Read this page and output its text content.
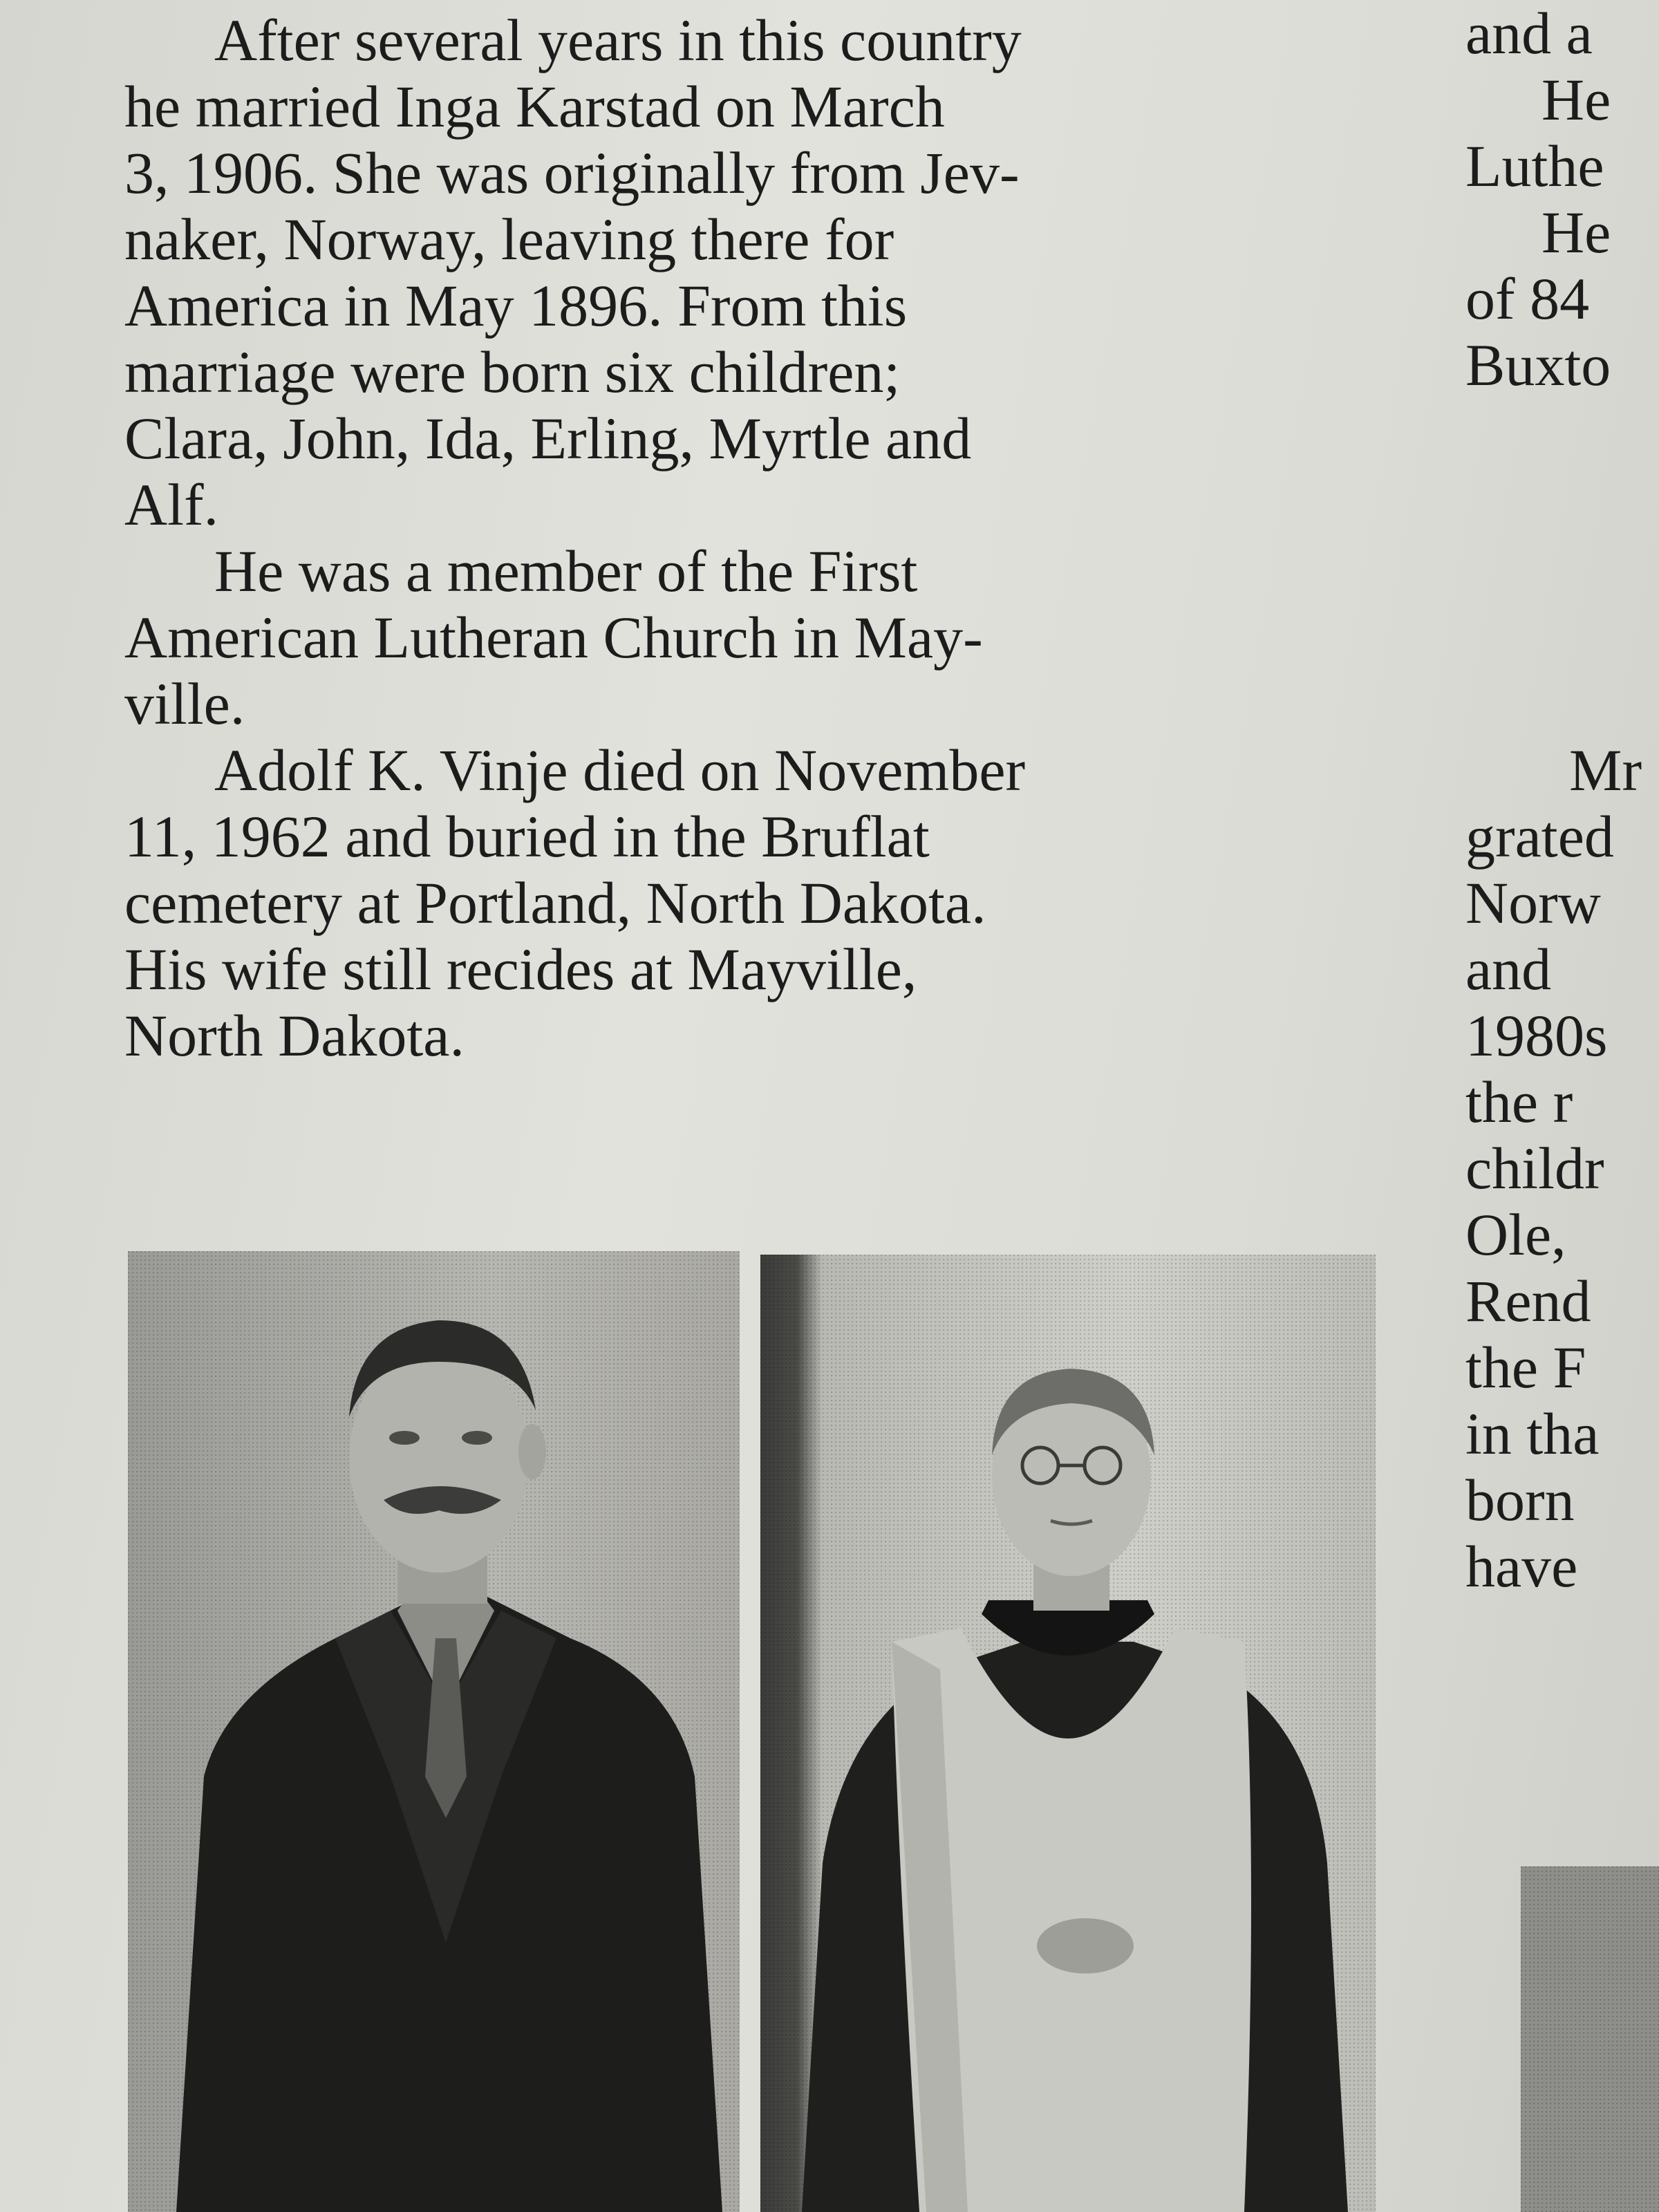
After several years in this country
he married Inga Karstad on March
3, 1906. She was originally from Jev-
naker, Norway, leaving there for
America in May 1896. From this
marriage were born six children;
Clara, John, Ida, Erling, Myrtle and
Alf.

He was a member of the First
American Lutheran Church in May-
ville.

Adolf K. Vinje died on November
11, 1962 and buried in the Bruflat
cemetery at Portland, North Dakota.
His wife still recides at Mayville,
North Dakota.

and a
He
Luthe
He
of 84
Buxto
Mr
grated
Norw
and
1980s
the r
childr
Ole,
Rend
the F
in tha
born
have
